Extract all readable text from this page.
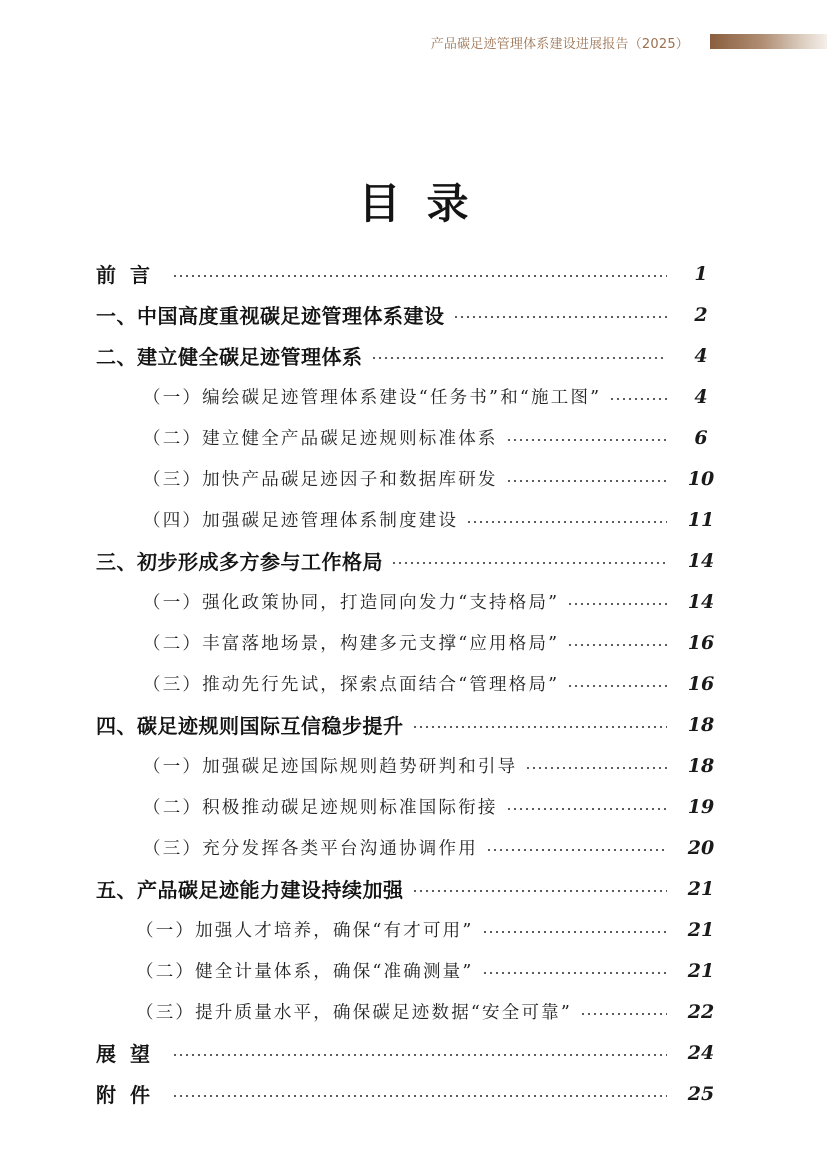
产品碳足迹管理体系建设进展报告（2025）
目录
前言	1
一、中国高度重视碳足迹管理体系建设	2
二、建立健全碳足迹管理体系	4
（一）编绘碳足迹管理体系建设“任务书”和“施工图”	4
（二）建立健全产品碳足迹规则标准体系	6
（三）加快产品碳足迹因子和数据库研发	10
（四）加强碳足迹管理体系制度建设	11
三、初步形成多方参与工作格局	14
（一）强化政策协同，打造同向发力“支持格局”	14
（二）丰富落地场景，构建多元支撑“应用格局”	16
（三）推动先行先试，探索点面结合“管理格局”	16
四、碳足迹规则国际互信稳步提升	18
（一）加强碳足迹国际规则趋势研判和引导	18
（二）积极推动碳足迹规则标准国际衔接	19
（三）充分发挥各类平台沟通协调作用	20
五、产品碳足迹能力建设持续加强	21
（一）加强人才培养，确保“有才可用”	21
（二）健全计量体系，确保“准确测量”	21
（三）提升质量水平，确保碳足迹数据“安全可靠”	22
展望	24
附件	25
